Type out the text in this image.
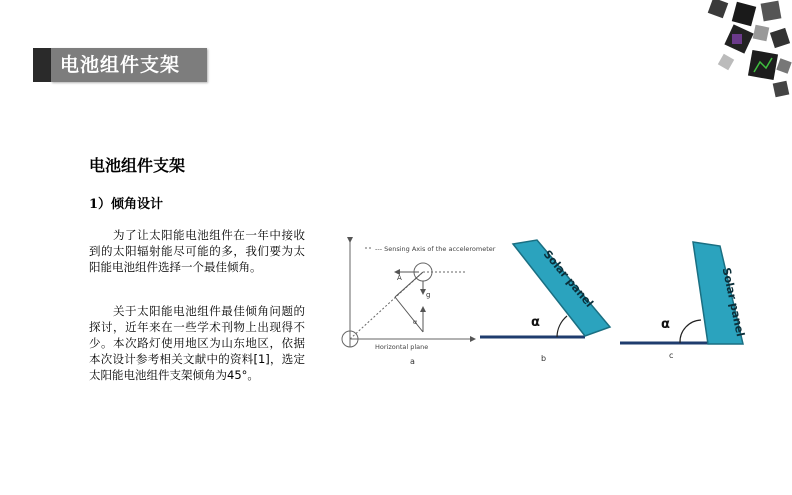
电池组件支架
电池组件支架
1）倾角设计

为了让太阳能电池组件在一年中接收到的太阳辐射能尽可能的多，我们要为太阳能电池组件选择一个最佳倾角。

关于太阳能电池组件最佳倾角问题的探讨，近年来在一些学术刊物上出现得不少。本次路灯使用地区为山东地区，依据本次设计参考相关文献中的资料[1]，选定太阳能电池组件支架倾角为45°。

--- Sensing Axis of the accelerometer
A
g
α
Horizontal plane
a
Solar panel
α
b
Solar panel
α
c
